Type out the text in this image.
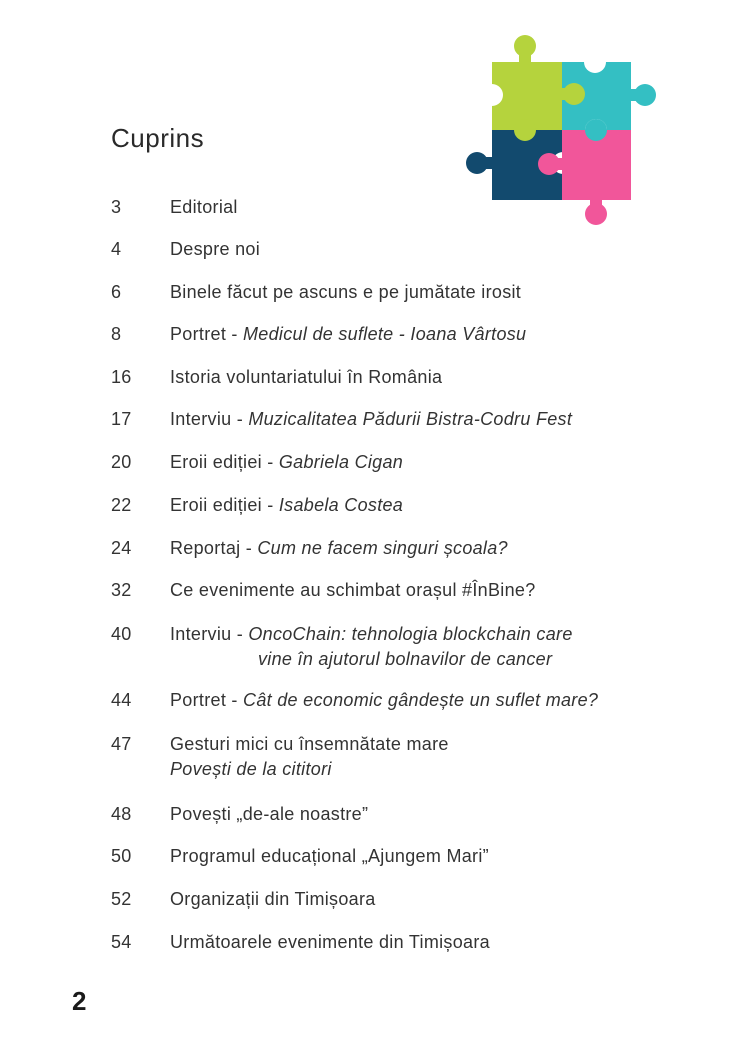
Cuprins
3	Editorial
4	Despre noi
6	Binele făcut pe ascuns e pe jumătate irosit
8	Portret - Medicul de suflete - Ioana Vârtosu
16 Istoria voluntariatului în România
17 Interviu - Muzicalitatea Pădurii Bistra-Codru Fest
20 Eroii ediției - Gabriela Cigan
22 Eroii ediției - Isabela Costea
24 Reportaj - Cum ne facem singuri școala?
32 Ce evenimente au schimbat orașul #ÎnBine?
40 Interviu - OncoChain: tehnologia blockchain care
vine în ajutorul bolnavilor de cancer
44 Portret - Cât de economic gândește un suflet mare?
47 Gesturi mici cu însemnătate mare
Povești de la cititori
48 Povești „de-ale noastre”
50 Programul educațional „Ajungem Mari”
52 Organizații din Timișoara
54 Următoarele evenimente din Timișoara
2
